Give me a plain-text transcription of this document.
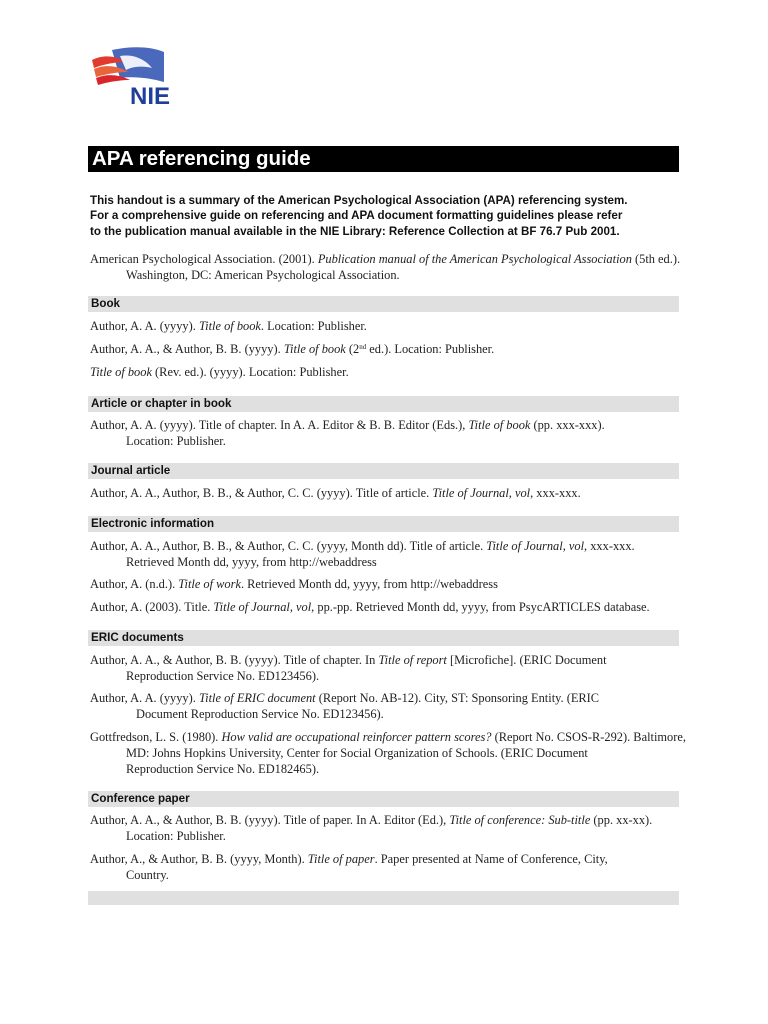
NIE
APA referencing guide

This handout is a summary of the American Psychological Association (APA) referencing system.

For a comprehensive guide on referencing and APA document formatting guidelines please refer

to the publication manual available in the NIE Library: Reference Collection at BF 76.7 Pub 2001.

American Psychological Association. (2001). Publication manual of the American Psychological Association (5th ed.).

Washington, DC: American Psychological Association.

Book

Author, A. A. (yyyy). Title of book. Location: Publisher.

Author, A. A., & Author, B. B. (yyyy). Title of book (2nd ed.). Location: Publisher.

Title of book (Rev. ed.). (yyyy). Location: Publisher.

Article or chapter in book

Author, A. A. (yyyy). Title of chapter. In A. A. Editor & B. B. Editor (Eds.), Title of book (pp. xxx-xxx).

Location: Publisher.

Journal article

Author, A. A., Author, B. B., & Author, C. C. (yyyy). Title of article. Title of Journal, vol, xxx-xxx.

Electronic information

Author, A. A., Author, B. B., & Author, C. C. (yyyy, Month dd). Title of article. Title of Journal, vol, xxx-xxx.

Retrieved Month dd, yyyy, from http://webaddress

Author, A. (n.d.). Title of work. Retrieved Month dd, yyyy, from http://webaddress

Author, A. (2003). Title. Title of Journal, vol, pp.-pp. Retrieved Month dd, yyyy, from PsycARTICLES database.

ERIC documents

Author, A. A., & Author, B. B. (yyyy). Title of chapter. In Title of report [Microfiche]. (ERIC Document

Reproduction Service No. ED123456).

Author, A. A. (yyyy). Title of ERIC document (Report No. AB-12). City, ST: Sponsoring Entity. (ERIC

Document Reproduction Service No. ED123456).

Gottfredson, L. S. (1980). How valid are occupational reinforcer pattern scores? (Report No. CSOS-R-292). Baltimore,

MD: Johns Hopkins University, Center for Social Organization of Schools. (ERIC Document

Reproduction Service No. ED182465).

Conference paper

Author, A. A., & Author, B. B. (yyyy). Title of paper. In A. Editor (Ed.), Title of conference: Sub-title (pp. xx-xx).

Location: Publisher.

Author, A., & Author, B. B. (yyyy, Month). Title of paper. Paper presented at Name of Conference, City,

Country.
